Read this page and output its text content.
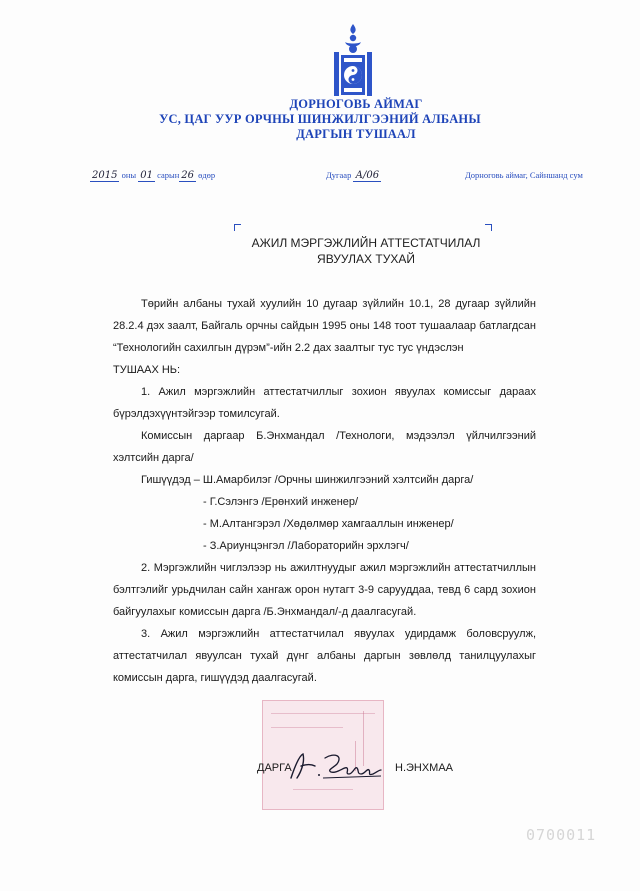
ДОРНОГОВЬ АЙМАГ
УС, ЦАГ УУР ОРЧНЫ ШИНЖИЛГЭЭНИЙ АЛБАНЫ
ДАРГЫН ТУШААЛ
2015 оны 01 сарын 26 өдөр	Дугаар А/06	Дорноговь аймаг, Сайншанд сум
АЖИЛ МЭРГЭЖЛИЙН АТТЕСТАТЧИЛАЛ
ЯВУУЛАХ ТУХАЙ

Төрийн албаны тухай хуулийн 10 дугаар зүйлийн 10.1, 28 дугаар зүйлийн 28.2.4 дэх заалт, Байгаль орчны сайдын 1995 оны 148 тоот тушаалаар батлагдсан “Технологийн сахилгын дүрэм”-ийн 2.2 дах заалтыг тус тус үндэслэн

ТУШААХ НЬ:

1. Ажил мэргэжлийн аттестатчиллыг зохион явуулах комиссыг дараах бүрэлдэхүүнтэйгээр томилсугай.

Комиссын даргаар Б.Энхмандал /Технологи, мэдээлэл үйлчилгээний хэлтсийн дарга/

Гишүүдэд – Ш.Амарбилэг /Орчны шинжилгээний хэлтсийн дарга/

- Г.Сэлэнгэ /Ерөнхий инженер/

- М.Алтангэрэл /Хөдөлмөр хамгааллын инженер/

- З.Ариунцэнгэл /Лабораторийн эрхлэгч/

2. Мэргэжлийн чиглэлээр нь ажилтнуудыг ажил мэргэжлийн аттестатчиллын бэлтгэлийг урьдчилан сайн хангаж орон нутагт 3-9 сарууддаа, тевд 6 сард зохион байгуулахыг комиссын дарга /Б.Энхмандал/-д даалгасугай.

3. Ажил мэргэжлийн аттестатчилал явуулах удирдамж боловсруулж, аттестатчилал явуулсан тухай дүнг албаны даргын зөвлөлд танилцуулахыг комиссын дарга, гишүүдэд даалгасугай.

ДАРГА	Н.ЭНХМАА
0700011
